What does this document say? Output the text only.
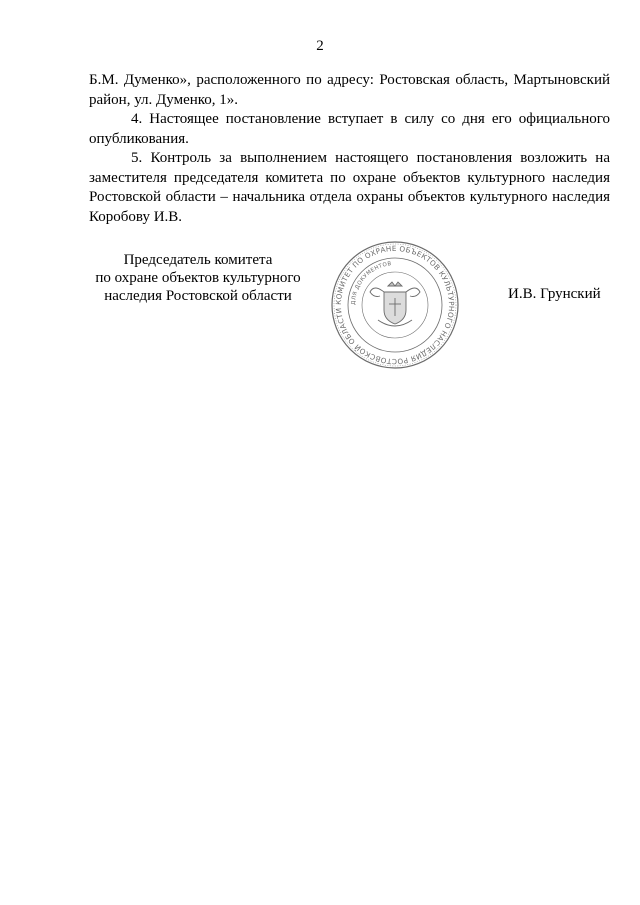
2

Б.М. Думенко», расположенного по адресу: Ростовская область, Мартыновский район, ул. Думенко, 1».

4. Настоящее постановление вступает в силу со дня его официального опубликования.

5. Контроль за выполнением настоящего постановления возложить на заместителя председателя комитета по охране объектов культурного наследия Ростовской области – начальника отдела охраны объектов культурного наследия Коробову И.В.

Председатель комитета
по охране объектов культурного
наследия Ростовской области	КОМИТЕТ ПО ОХРАНЕ ОБЪЕКТОВ КУЛЬТУРНОГО НАСЛЕДИЯ РОСТОВСКОЙ ОБЛАСТИ
ДЛЯ ДОКУМЕНТОВ
И.В. Грунский
